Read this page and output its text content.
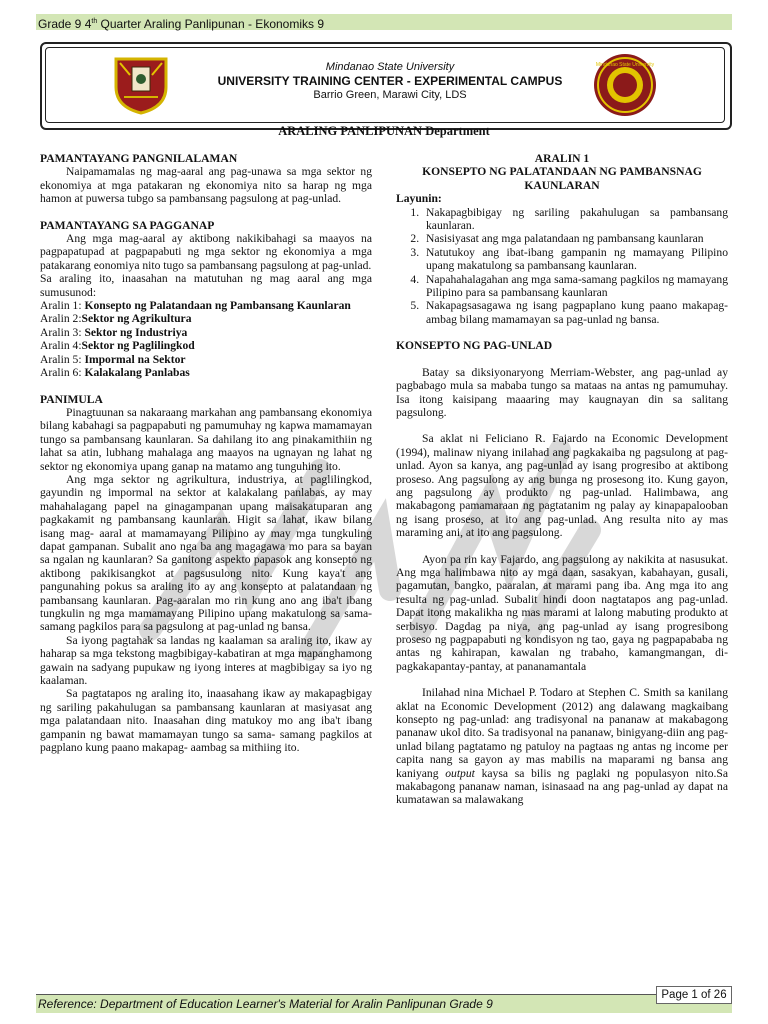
Grade 9 4th Quarter Araling Panlipunan - Ekonomiks 9
Mindanao State University
UNIVERSITY TRAINING CENTER - EXPERIMENTAL CAMPUS
Barrio Green, Marawi City, LDS
Mindanao State University
ARALING PANLIPUNAN Department

PAMANTAYANG PANGNILALAMAN

Naipamamalas ng mag-aaral ang pag-unawa sa mga sektor ng ekonomiya at mga patakaran ng ekonomiya nito sa harap ng mga hamon at puwersa tubgo sa pambansang pagsulong at pag-unlad.

PAMANTAYANG SA PAGGANAP

Ang mga mag-aaral ay aktibong nakikibahagi sa maayos na pagpapatupad at pagpapabuti ng mga sektor ng ekonomiya a mga patakarang eonomiya nito tugo sa pambansang pagsulong at pag-unlad.

Sa araling ito, inaasahan na matutuhan ng mag aaral ang mga sumusunod:

Aralin 1: Konsepto ng Palatandaan ng Pambansang Kaunlaran

Aralin 2:Sektor ng Agrikultura

Aralin 3: Sektor ng Industriya

Aralin 4:Sektor ng Paglilingkod

Aralin 5: Impormal na Sektor

Aralin 6: Kalakalang Panlabas

PANIMULA

Pinagtuunan sa nakaraang markahan ang pambansang ekonomiya bilang kabahagi sa pagpapabuti ng pamumuhay ng kapwa mamamayan tungo sa pambansang kaunlaran. Sa dahilang ito ang pinakamithiin ng lahat sa atin, lubhang mahalaga ang maayos na ugnayan ng lahat ng sektor ng ekonomiya upang ganap na matamo ang tunguhing ito.

Ang mga sektor ng agrikultura, industriya, at paglilingkod, gayundin ng impormal na sektor at kalakalang panlabas, ay may mahahalagang papel na ginagampanan upang maisakatuparan ang pagkakamit ng pambansang kaunlaran. Higit sa lahat, ikaw bilang isang mag- aaral at mamamayang Pilipino ay may mga tungkuling dapat gampanan. Subalit ano nga ba ang magagawa mo para sa bayan sa ngalan ng kaunlaran? Sa ganitong aspekto papasok ang konsepto ng aktibong pakikisangkot at pagsusulong nito. Kung kaya't ang pangunahing pokus sa araling ito ay ang konsepto at palatandaan ng pambansang kaunlaran. Pag-aaralan mo rin kung ano ang iba't ibang tungkulin ng mga mamamayang Pilipino upang makatulong sa sama- samang pagkilos para sa pagsulong at pag-unlad ng bansa.

Sa iyong pagtahak sa landas ng kaalaman sa araling ito, ikaw ay haharap sa mga tekstong magbibigay-kabatiran at mga mapanghamong gawain na sadyang pupukaw ng iyong interes at magbibigay sa iyo ng kaalaman.

Sa pagtatapos ng araling ito, inaasahang ikaw ay makapagbigay ng sariling pakahulugan sa pambansang kaunlaran at masiyasat ang mga palatandaan nito. Inaasahan ding matukoy mo ang iba't ibang gampanin ng bawat mamamayan tungo sa sama- samang pagkilos at pagplano kung paano makapag- aambag sa mithiing ito.

ARALIN 1

KONSEPTO NG PALATANDAAN NG PAMBANSNAG KAUNLARAN

Layunin:

1. Nakapagbibigay ng sariling pakahulugan sa pambansang kaunlaran.
2. Nasisiyasat ang mga palatandaan ng pambansang kaunlaran
3. Natutukoy ang ibat-ibang gampanin ng mamayang Pilipino upang makatulong sa pambansang kaunlaran.
4. Napahahalagahan ang mga sama-samang pagkilos ng mamayang Pilipino para sa pambansang kaunlaran
5. Nakapagsasagawa ng isang pagpaplano kung paano makapag-ambag bilang mamamayan sa pag-unlad ng bansa.

KONSEPTO NG PAG-UNLAD

Batay sa diksiyonaryong Merriam-Webster, ang pag-unlad ay pagbabago mula sa mababa tungo sa mataas na antas ng pamumuhay. Isa itong kaisipang maaaring may kaugnayan din sa salitang pagsulong.

Sa aklat ni Feliciano R. Fajardo na Economic Development (1994), malinaw niyang inilahad ang pagkakaiba ng pagsulong at pag-unlad. Ayon sa kanya, ang pag-unlad ay isang progresibo at aktibong proseso. Ang pagsulong ay ang bunga ng prosesong ito. Kung gayon, ang pagsulong ay produkto ng pag-unlad. Halimbawa, ang makabagong pamamaraan ng pagtatanim ng palay ay kinapapalooban ng isang proseso, at ito ang pag-unlad. Ang resulta nito ay mas maraming ani, at ito ang pagsulong.

Ayon pa rin kay Fajardo, ang pagsulong ay nakikita at nasusukat. Ang mga halimbawa nito ay mga daan, sasakyan, kabahayan, gusali, pagamutan, bangko, paaralan, at marami pang iba. Ang mga ito ang resulta ng pag-unlad. Subalit hindi doon nagtatapos ang pag-unlad. Dapat itong makalikha ng mas marami at lalong mabuting produkto at serbisyo. Dagdag pa niya, ang pag-unlad ay isang progresibong proseso ng pagpapabuti ng kondisyon ng tao, gaya ng pagpapababa ng antas ng kahirapan, kawalan ng trabaho, kamangmangan, di-pagkakapantay-pantay, at pananamantala

Inilahad nina Michael P. Todaro at Stephen C. Smith sa kanilang aklat na Economic Development (2012) ang dalawang magkaibang konsepto ng pag-unlad: ang tradisyonal na pananaw at makabagong pananaw ukol dito. Sa tradisyonal na pananaw, binigyang-diin ang pag-unlad bilang pagtatamo ng patuloy na pagtaas ng antas ng income per capita nang sa gayon ay mas mabilis na maparami ng bansa ang kaniyang output kaysa sa bilis ng paglaki ng populasyon nito.Sa makabagong pananaw naman, isinasaad na ang pag-unlad ay dapat na kumatawan sa malawakang

Reference: Department of Education Learner's Material for Aralin Panlipunan Grade 9
Page 1 of 26
